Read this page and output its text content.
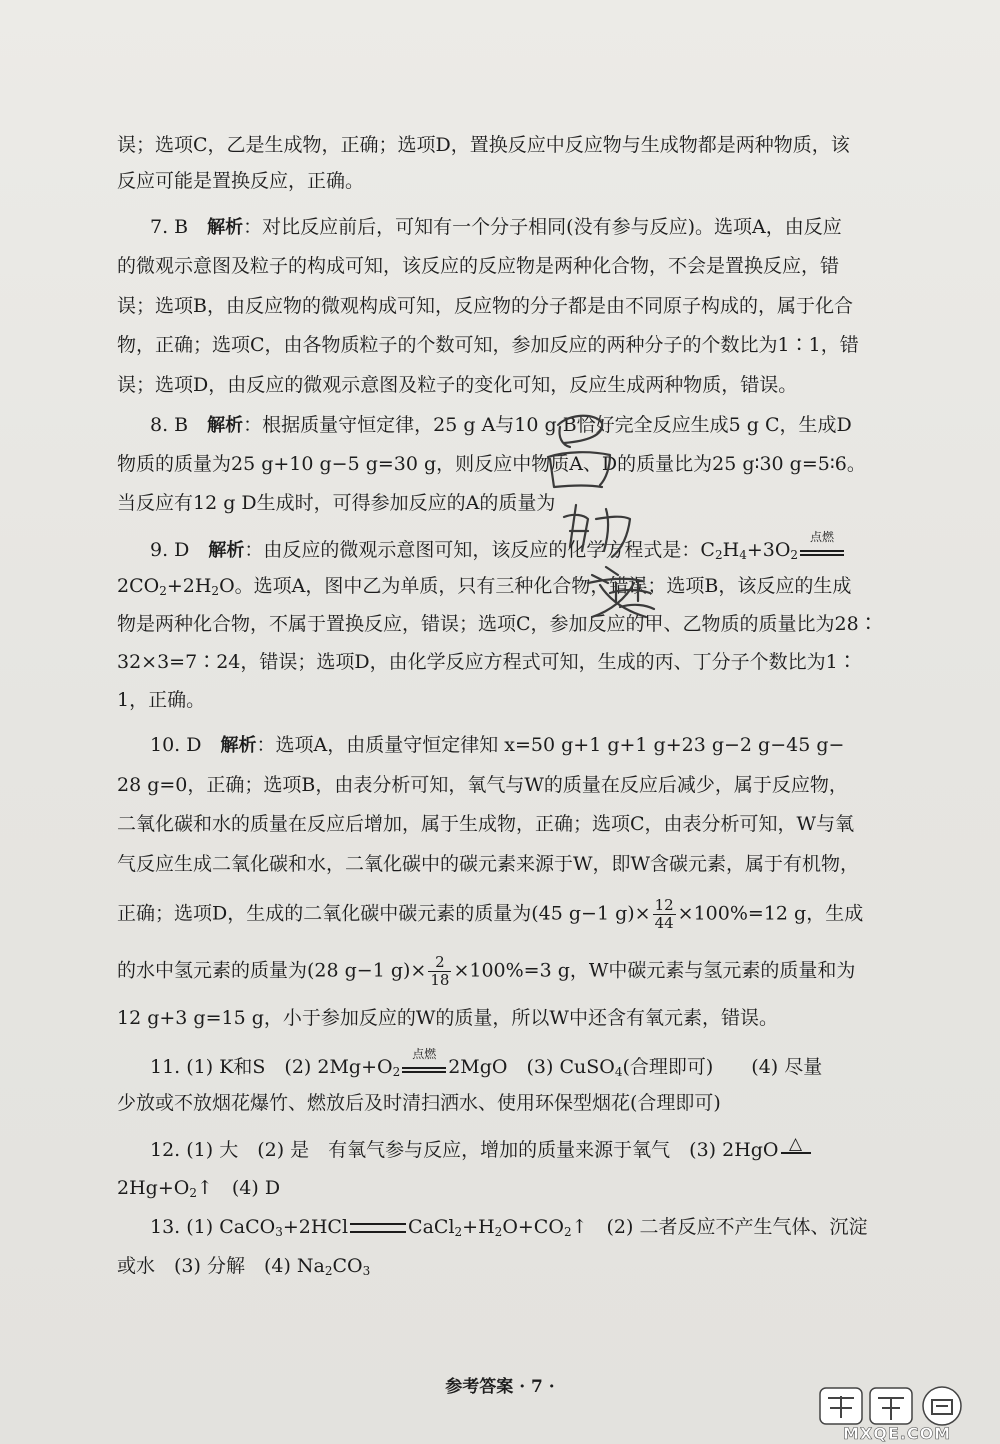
误；选项C，乙是生成物，正确；选项D，置换反应中反应物与生成物都是两种物质，该
反应可能是置换反应，正确。
7. B　 解析：对比反应前后，可知有一个分子相同(没有参与反应)。选项A，由反应
的微观示意图及粒子的构成可知，该反应的反应物是两种化合物，不会是置换反应，错
误；选项B，由反应物的微观构成可知，反应物的分子都是由不同原子构成的，属于化合
物，正确；选项C，由各物质粒子的个数可知，参加反应的两种分子的个数比为1∶1，错
误；选项D，由反应的微观示意图及粒子的变化可知，反应生成两种物质，错误。
8. B　 解析：根据质量守恒定律，25 g A与10 g B恰好完全反应生成5 g C，生成D
物质的质量为25 g+10 g−5 g=30 g，则反应中物质A、D的质量比为25 g∶30 g=5∶6。
当反应有12 g D生成时，可得参加反应的A的质量为
9. D　 解析：由反应的微观示意图可知，该反应的化学方程式是：$C_2H_4+3O_2$
点燃
$2CO_2+2H_2O$。选项A，图中乙为单质，只有三种化合物，错误；选项B，该反应的生成
物是两种化合物，不属于置换反应，错误；选项C，参加反应的甲、乙物质的质量比为28∶
32×3=7∶24，错误；选项D，由化学反应方程式可知，生成的丙、丁分子个数比为1∶
1，正确。
10. D　 解析：选项A，由质量守恒定律知 x=50 g+1 g+1 g+23 g−2 g−45 g−
28 g=0，正确；选项B，由表分析可知，氧气与W的质量在反应后减少，属于反应物，
二氧化碳和水的质量在反应后增加，属于生成物，正确；选项C，由表分析可知，W与氧
气反应生成二氧化碳和水，二氧化碳中的碳元素来源于W，即W含碳元素，属于有机物，
正确；选项D，生成的二氧化碳中碳元素的质量为(45 g−1 $g)\times \frac{12}{44} \times 100\%=12$ g，生成
的水中氢元素的质量为(28 g−1 $g)\times \frac{2}{18} \times 100\%=3$ g，W中碳元素与氢元素的质量和为
12 g+3 g=15 g，小于参加反应的W的质量，所以W中还含有氧元素，错误。
11. (1) K和S　(2) $2Mg+O_2$
点燃
2MgO　(3) CuSO$_4$(合理即可)　　(4) 尽量
少放或不放烟花爆竹、燃放后及时清扫洒水、使用环保型烟花(合理即可)
12. (1) 大　(2) 是　有氧气参与反应，增加的质量来源于氧气　(3) 2HgO △
$2Hg+O_2↑$　(4) D
13. (1) CaCO$_3$+2HCl	$CaCl_2+H_2O+CO_2↑$　(2) 二者反应不产生气体、沉淀
或水　(3) 分解　(4) $Na_2CO_3$
参考答案 · 7 ·
MXQE.COM
